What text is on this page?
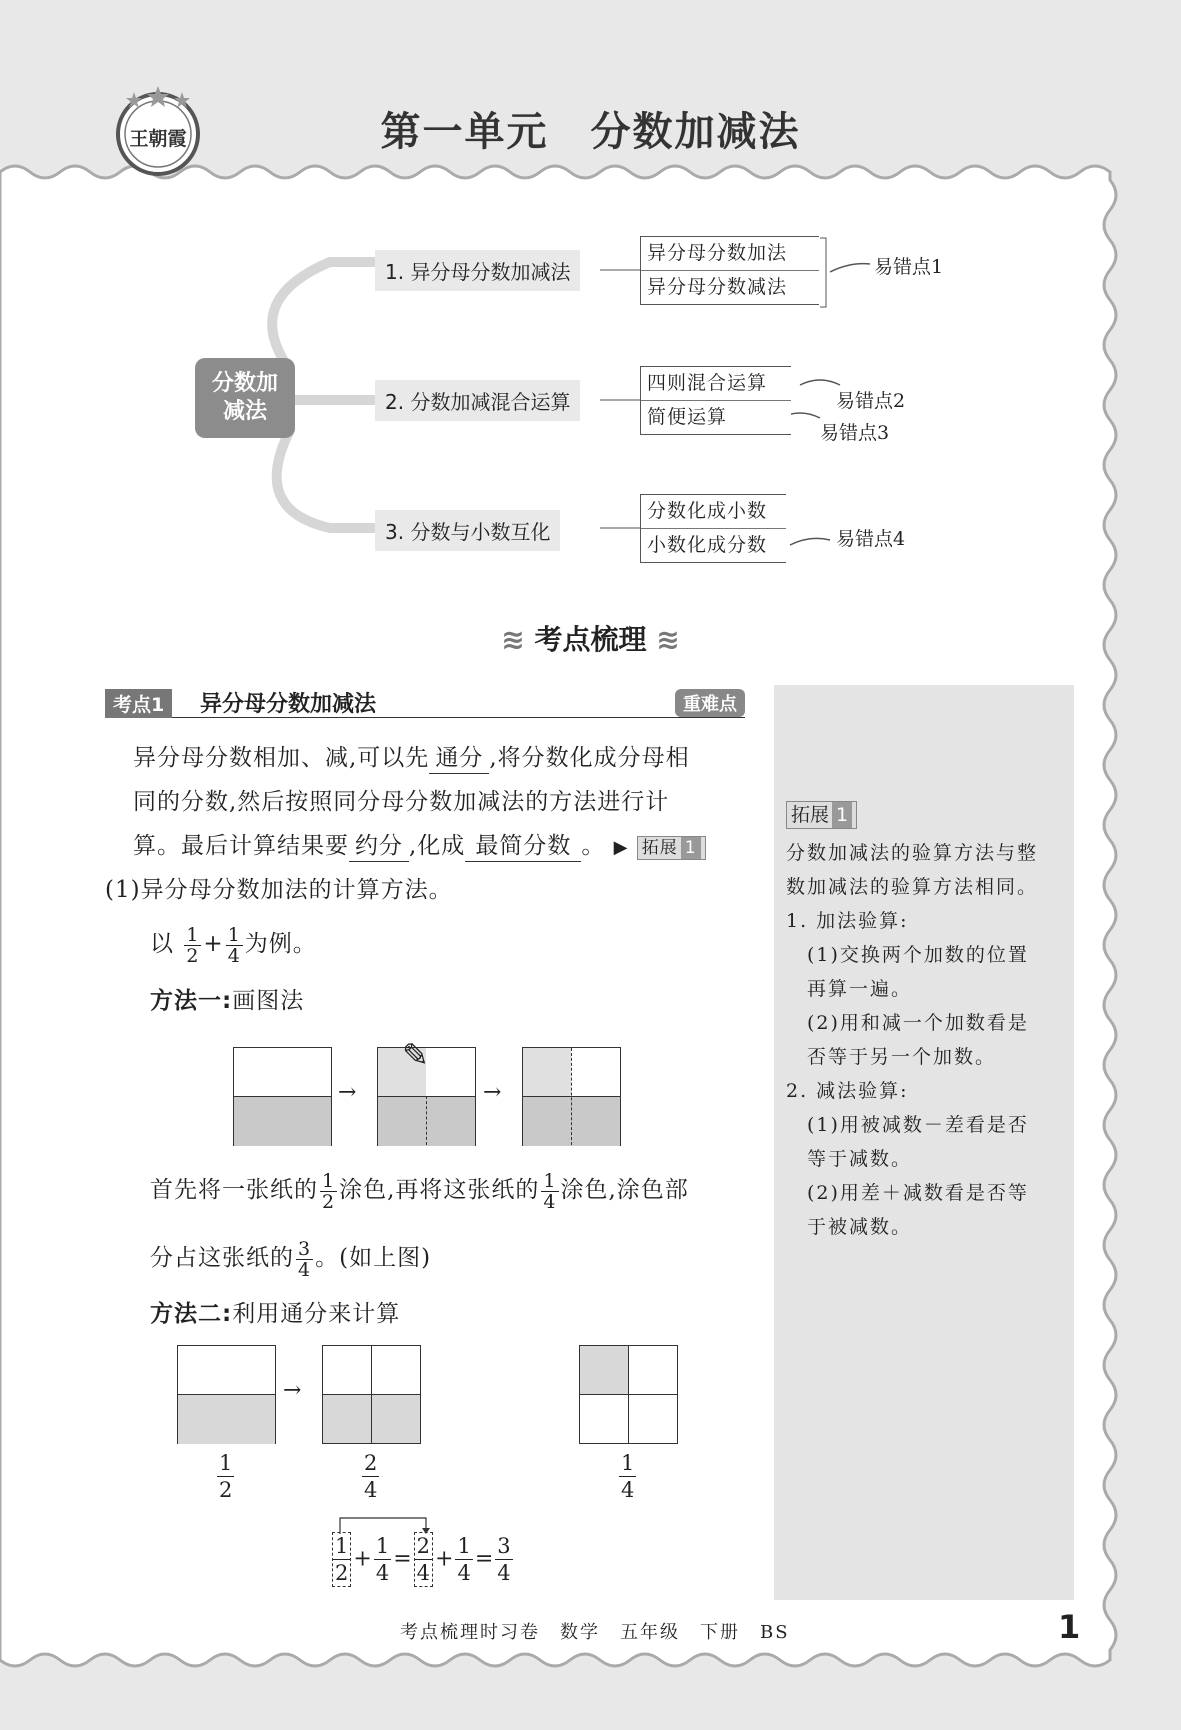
王朝霞	第一单元　分数加减法
分数加减法
1. 异分母分数加减法
2. 分数加减混合运算
3. 分数与小数互化
异分母分数加法
异分母分数减法
四则混合运算
简便运算
分数化成小数
小数化成分数
易错点1
易错点2
易错点3
易错点4
≋ 考点梳理 ≋
考点1	异分母分数加减法	重难点
异分母分数相加、减,可以先 通分 ,将分数化成分母相
同的分数,然后按照同分母分数加减法的方法进行计
算。最后计算结果要 约分 ,化成 最简分数 。 ▶ 拓展 1
(1)异分母分数加法的计算方法。
以 $\frac{1}{2} + \frac{1}{4}$ 为例。
方法一:画图法
→
✎
→
首先将一张纸的 $\frac{1}{2}$ 涂色,再将这张纸的 $\frac{1}{4}$ 涂色,涂色部
分占这张纸的 $\frac{3}{4}$ 。(如上图)
方法二:利用通分来计算
→
$\frac{1}{2}$	$\frac{2}{4}$	$\frac{1}{4}$
$\frac{1}{2} + \frac{1}{4} = \frac{2}{4} + \frac{1}{4} = \frac{3}{4}$
拓展 1
分数加减法的验算方法与整
数加减法的验算方法相同。
1. 加法验算:
　(1)交换两个加数的位置
　再算一遍。
　(2)用和减一个加数看是
　否等于另一个加数。
2. 减法验算:
　(1)用被减数－差看是否
　等于减数。
　(2)用差＋减数看是否等
　于被减数。
考点梳理时习卷　数学　五年级　下册　BS	1
